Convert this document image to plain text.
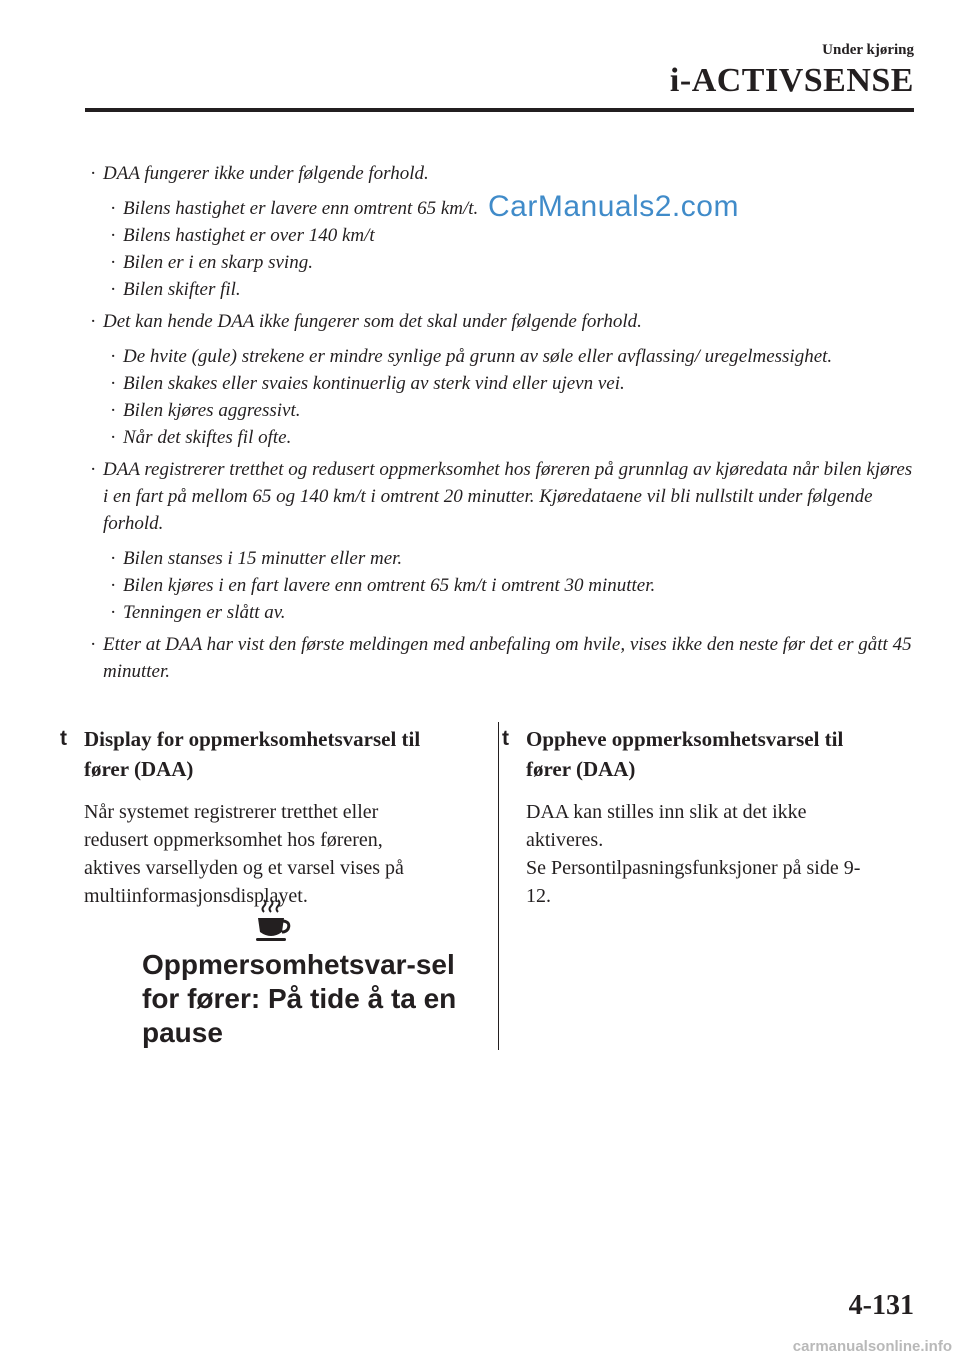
Under kjøring
i-ACTIVSENSE
· DAA fungerer ikke under følgende forhold.
· Bilens hastighet er lavere enn omtrent 65 km/t.
· Bilens hastighet er over 140 km/t
· Bilen er i en skarp sving.
· Bilen skifter fil.
· Det kan hende DAA ikke fungerer som det skal under følgende forhold.
· De hvite (gule) strekene er mindre synlige på grunn av søle eller avflassing/ uregelmessighet.
· Bilen skakes eller svaies kontinuerlig av sterk vind eller ujevn vei.
· Bilen kjøres aggressivt.
· Når det skiftes fil ofte.
· DAA registrerer tretthet og redusert oppmerksomhet hos føreren på grunnlag av kjøredata når bilen kjøres i en fart på mellom 65 og 140 km/t i omtrent 20 minutter. Kjøredataene vil bli nullstilt under følgende forhold.
· Bilen stanses i 15 minutter eller mer.
· Bilen kjøres i en fart lavere enn omtrent 65 km/t i omtrent 30 minutter.
· Tenningen er slått av.
· Etter at DAA har vist den første meldingen med anbefaling om hvile, vises ikke den neste før det er gått 45 minutter.
CarManuals2.com
t Display for oppmerksomhetsvarsel til fører (DAA)

Når systemet registrerer tretthet eller redusert oppmerksomhet hos føreren, aktives varsellyden og et varsel vises på multiinformasjonsdisplayet.

Oppmersomhetsvar-sel for fører: På tide å ta en pause
t Oppheve oppmerksomhetsvarsel til fører (DAA)

DAA kan stilles inn slik at det ikke aktiveres.

Se Persontilpasningsfunksjoner på side 9-12.

4-131
carmanualsonline.info
